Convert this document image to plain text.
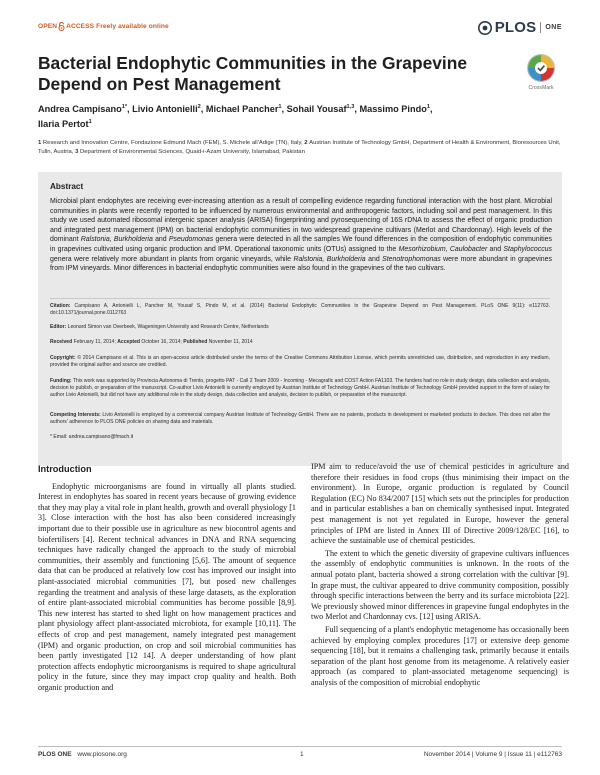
OPEN ACCESS Freely available online	PLOS ONE
Bacterial Endophytic Communities in the Grapevine
Depend on Pest Management	CrossMark
Andrea Campisano$^{1*}$, Livio Antonielli$^2$, Michael Pancher$^1$, Sohail Yousaf$^{1,3}$, Massimo Pindo$^1$,
Ilaria Pertot$^1$
1 Research and Innovation Centre, Fondazione Edmund Mach (FEM), S. Michele all'Adige (TN), Italy, 2 Austrian Institute of Technology GmbH, Department of Health & Environment, Bioresources Unit, Tulln, Austria, 3 Department of Environmental Sciences, Quaid-i-Azam University, Islamabad, Pakistan
Abstract
Microbial plant endophytes are receiving ever-increasing attention as a result of compelling evidence regarding functional interaction with the host plant. Microbial communities in plants were recently reported to be influenced by numerous environmental and anthropogenic factors, including soil and pest management. In this study we used automated ribosomal intergenic spacer analysis (ARISA) fingerprinting and pyrosequencing of 16S rDNA to assess the effect of organic production and integrated pest management (IPM) on bacterial endophytic communities in two widespread grapevine cultivars (Merlot and Chardonnay). High levels of the dominant Ralstonia, Burkholderia and Pseudomonas genera were detected in all the samples We found differences in the composition of endophytic communities in grapevines cultivated using organic production and IPM. Operational taxonomic units (OTUs) assigned to the Mesorhizobium, Caulobacter and Staphylococcus genera were relatively more abundant in plants from organic vineyards, while Ralstonia, Burkholderia and Stenotrophomonas were more abundant in grapevines from IPM vineyards. Minor differences in bacterial endophytic communities were also found in the grapevines of the two cultivars.
Citation: Campisano A, Antonielli L, Pancher M, Yousaf S, Pindo M, et al. (2014) Bacterial Endophytic Communities in the Grapevine Depend on Pest Management. PLoS ONE 9(11): e112763. doi:10.1371/journal.pone.0112763
Editor: Leonard Simon van Overbeek, Wageningen University and Research Centre, Netherlands
Received February 11, 2014; Accepted October 16, 2014; Published November 11, 2014
Copyright: © 2014 Campisano et al. This is an open-access article distributed under the terms of the Creative Commons Attribution License, which permits unrestricted use, distribution, and reproduction in any medium, provided the original author and source are credited.
Funding: This work was supported by Provincia Autonoma di Trento, progetto PAT - Call 2 Team 2009 - Incoming - Mecagrafic and COST Action FA1103. The funders had no role in study design, data collection and analysis, decision to publish, or preparation of the manuscript. Co-author Livio Antonielli is currently employed by Austrian Institute of Technology GmbH. Austrian Institute of Technology GmbH provided support in the form of salary for author Livio Antonielli, but did not have any additional role in the study design, data collection and analysis, decision to publish, or preparation of the manuscript.
Competing Interests: Livio Antonielli is employed by a commercial company Austrian Institute of Technology GmbH. There are no patents, products in development or marketed products to declare. This does not alter the authors' adherence to PLOS ONE policies on sharing data and materials.
* Email: andrea.campisano@fmach.it
Introduction

Endophytic microorganisms are found in virtually all plants studied. Interest in endophytes has soared in recent years because of growing evidence that they may play a vital role in plant health, growth and overall physiology [1 3]. Close interaction with the host has also been considered increasingly important due to their possible use in agriculture as new biocontrol agents and biofertilisers [4]. Recent technical advances in DNA and RNA sequencing techniques have radically changed the approach to the study of microbial communities, their assembly and functioning [5,6]. The amount of sequence data that can be produced at relatively low cost has improved our insight into plant-associated microbial communities [7], but posed new challenges regarding the treatment and analysis of these large datasets, as the exploration of entire plant-associated microbial communities has become possible [8,9]. This new interest has started to shed light on how management practices and plant physiology affect plant-associated microbiota, for example [10,11]. The effects of crop and pest management, namely integrated pest management (IPM) and organic production, on crop and soil microbial communities has been partly investigated [12 14]. A deeper understanding of how plant protection affects endophytic microorganisms is required to shape agricultural policy in the future, since they may impact crop quality and health. Both organic production and

IPM aim to reduce/avoid the use of chemical pesticides in agriculture and therefore their residues in food crops (thus minimising their impact on the environment). In Europe, organic production is regulated by Council Regulation (EC) No 834/2007 [15] which sets out the principles for production and in particular establishes a ban on chemically synthesised input. Integrated pest management is not yet regulated in Europe, however the general principles of IPM are listed in Annex III of Directive 2009/128/EC [16], to achieve the sustainable use of chemical pesticides.

The extent to which the genetic diversity of grapevine cultivars influences the assembly of endophytic communities is unknown. In the roots of the annual potato plant, bacteria showed a strong correlation with the cultivar [9]. In grape must, the cultivar appeared to drive community composition, possibly through specific interactions between the berry and its surface microbiota [22]. We previously showed minor differences in grapevine fungal endophytes in the two Merlot and Chardonnay cvs. [12] using ARISA.

Full sequencing of a plant's endophytic metagenome has occasionally been achieved by employing complex procedures [17] or extensive deep genome sequencing [18], but it remains a challenging task, primarily because it entails separation of the plant host genome from its metagenome. A relatively easier approach (as compared to plant-associated metagenome sequencing) is analysis of the composition of microbial endophytic

PLOS ONE www.plosone.org	1	November 2014 | Volume 9 | Issue 11 | e112763
